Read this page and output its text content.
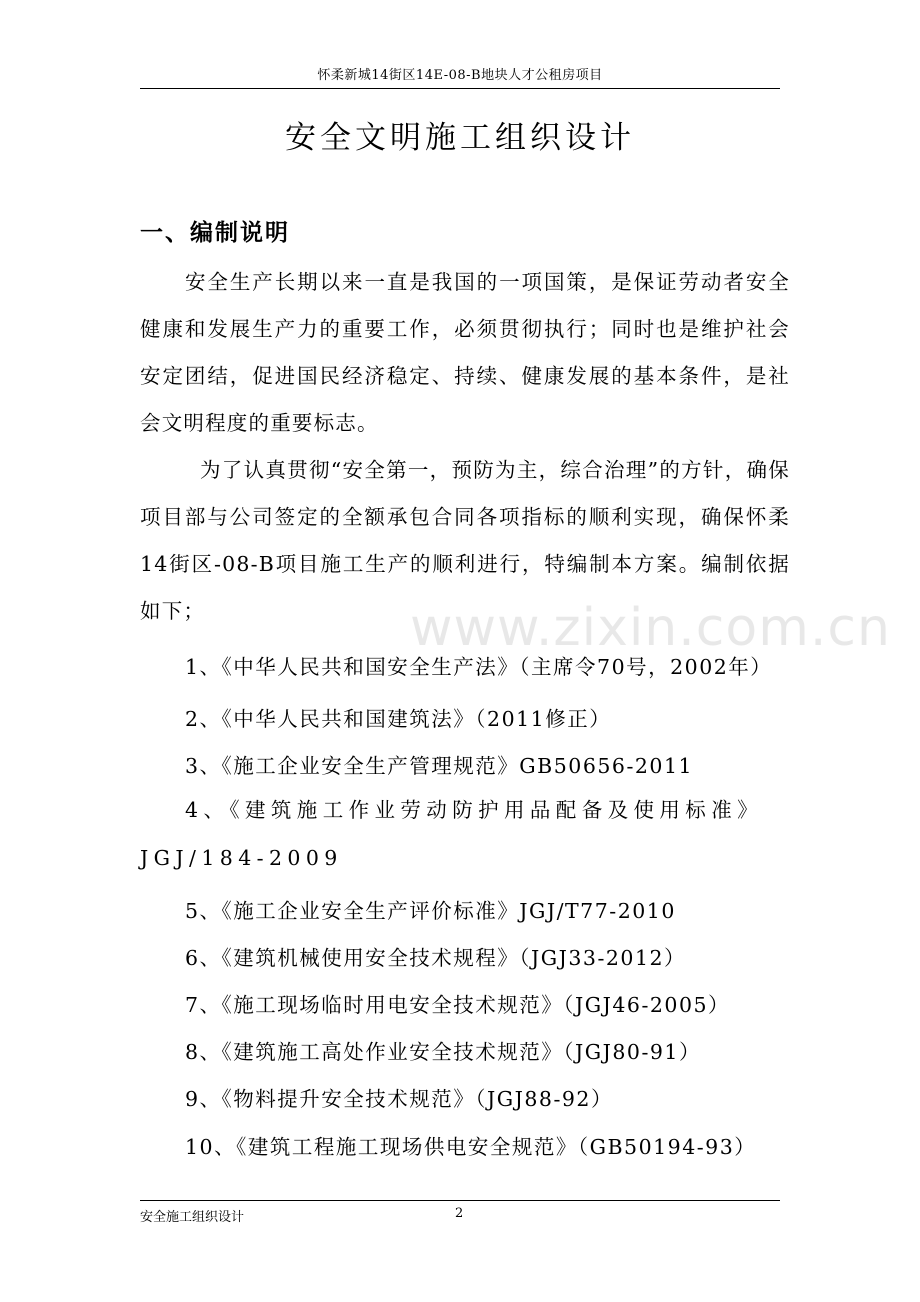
怀柔新城14街区14E-08-B地块人才公租房项目
安全文明施工组织设计
一、编制说明

安全生产长期以来一直是我国的一项国策，是保证劳动者安全健康和发展生产力的重要工作，必须贯彻执行；同时也是维护社会安定团结，促进国民经济稳定、持续、健康发展的基本条件，是社会文明程度的重要标志。

为了认真贯彻“安全第一，预防为主，综合治理”的方针，确保项目部与公司签定的全额承包合同各项指标的顺利实现，确保怀柔14街区-08-B项目施工生产的顺利进行，特编制本方案。编制依据如下；

1、《中华人民共和国安全生产法》（主席令70号，2002年）

2、《中华人民共和国建筑法》（2011修正）

3、《施工企业安全生产管理规范》GB50656-2011

4、《建筑施工作业劳动防护用品配备及使用标准》JGJ/184-2009

5、《施工企业安全生产评价标准》JGJ/T77-2010

6、《建筑机械使用安全技术规程》（JGJ33-2012）

7、《施工现场临时用电安全技术规范》（JGJ46-2005）

8、《建筑施工高处作业安全技术规范》（JGJ80-91）

9、《物料提升安全技术规范》（JGJ88-92）

10、《建筑工程施工现场供电安全规范》（GB50194-93）

www.zixin.com.cn
安全施工组织设计	2
